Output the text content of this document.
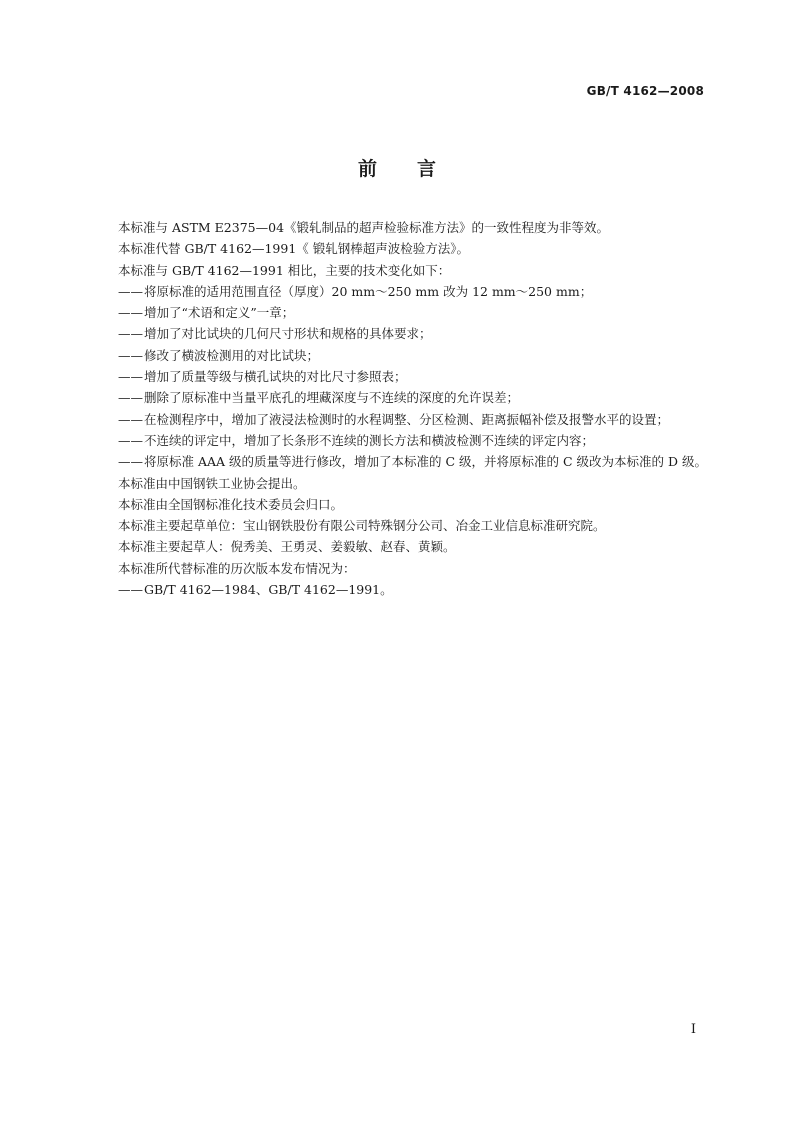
GB/T 4162—2008
前言
本标准与 ASTM E2375—04《锻轧制品的超声检验标准方法》的一致性程度为非等效。
本标准代替 GB/T 4162—1991《 锻轧钢棒超声波检验方法》。
本标准与 GB/T 4162—1991 相比，主要的技术变化如下：
—— 将原标准的适用范围直径（厚度）20 mm～250 mm 改为 12 mm～250 mm；
—— 增加了“术语和定义”一章；
—— 增加了对比试块的几何尺寸形状和规格的具体要求；
—— 修改了横波检测用的对比试块；
—— 增加了质量等级与横孔试块的对比尺寸参照表；
—— 删除了原标准中当量平底孔的埋藏深度与不连续的深度的允许误差；
—— 在检测程序中，增加了液浸法检测时的水程调整、分区检测、距离振幅补偿及报警水平的设置；
—— 不连续的评定中，增加了长条形不连续的测长方法和横波检测不连续的评定内容；
—— 将原标准 AAA 级的质量等进行修改，增加了本标准的 C 级，并将原标准的 C 级改为本标准的 D 级。
本标准由中国钢铁工业协会提出。
本标准由全国钢标准化技术委员会归口。
本标准主要起草单位：宝山钢铁股份有限公司特殊钢分公司、冶金工业信息标准研究院。
本标准主要起草人：倪秀美、王勇灵、姜毅敏、赵春、黄颖。
本标准所代替标准的历次版本发布情况为：
—— GB/T 4162—1984、GB/T 4162—1991。
I
